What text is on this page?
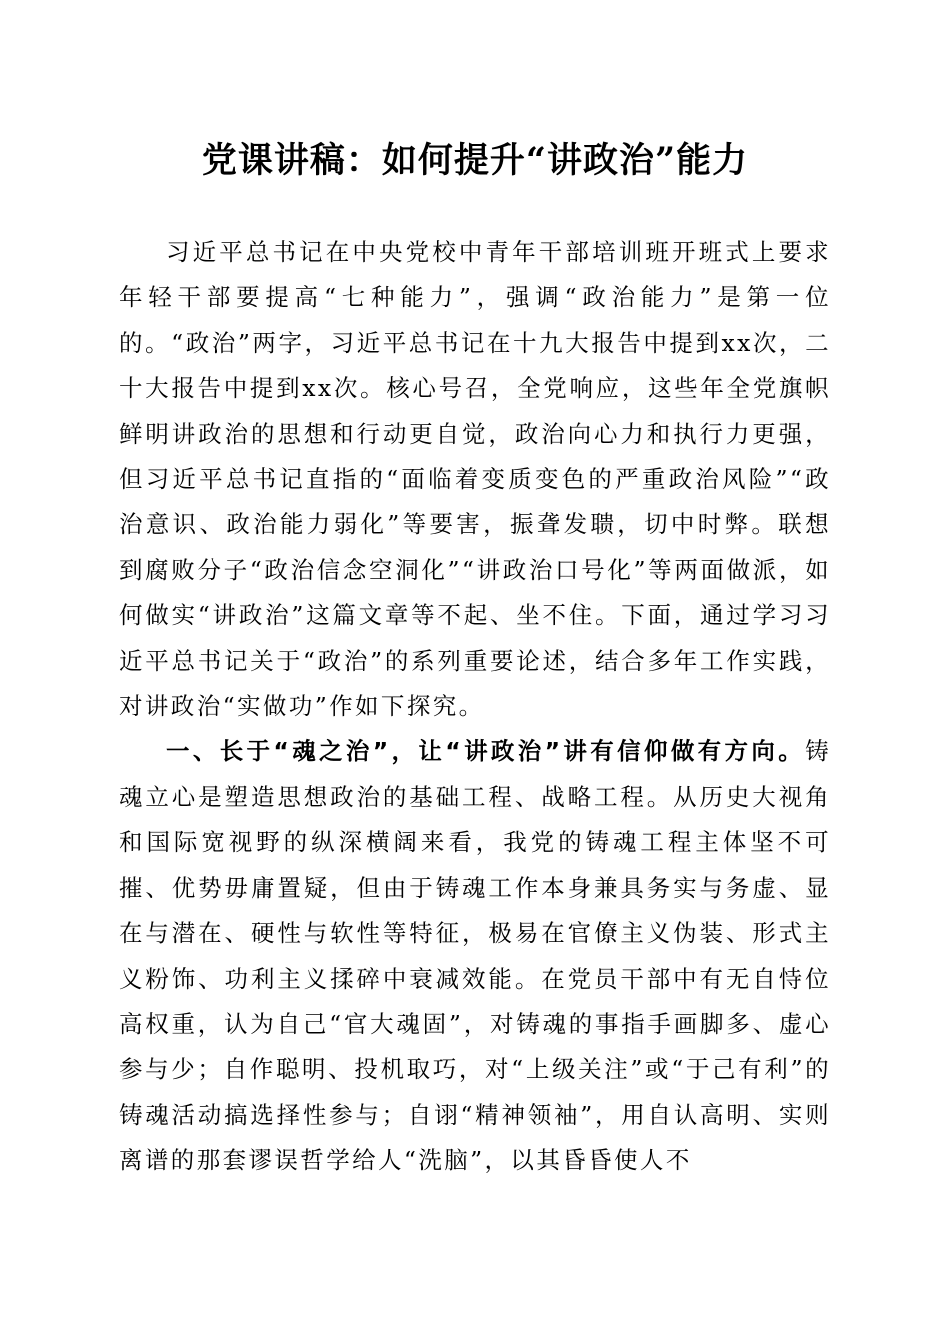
党课讲稿：如何提升“讲政治”能力

习近平总书记在中央党校中青年干部培训班开班式上要求年轻干部要提高“七种能力”，强调“政治能力”是第一位的。“政治”两字，习近平总书记在十九大报告中提到xx次，二十大报告中提到xx次。核心号召，全党响应，这些年全党旗帜鲜明讲政治的思想和行动更自觉，政治向心力和执行力更强，但习近平总书记直指的“面临着变质变色的严重政治风险”“政治意识、政治能力弱化”等要害，振聋发聩，切中时弊。联想到腐败分子“政治信念空洞化”“讲政治口号化”等两面做派，如何做实“讲政治”这篇文章等不起、坐不住。下面，通过学习习近平总书记关于“政治”的系列重要论述，结合多年工作实践，对讲政治“实做功”作如下探究。

一、长于“魂之治”，让“讲政治”讲有信仰做有方向。铸魂立心是塑造思想政治的基础工程、战略工程。从历史大视角和国际宽视野的纵深横阔来看，我党的铸魂工程主体坚不可摧、优势毋庸置疑，但由于铸魂工作本身兼具务实与务虚、显在与潜在、硬性与软性等特征，极易在官僚主义伪装、形式主义粉饰、功利主义揉碎中衰减效能。在党员干部中有无自恃位高权重，认为自己“官大魂固”，对铸魂的事指手画脚多、虚心参与少；自作聪明、投机取巧，对“上级关注”或“于己有利”的铸魂活动搞选择性参与；自诩“精神领袖”，用自认高明、实则离谱的那套谬误哲学给人“洗脑”，以其昏昏使人不
